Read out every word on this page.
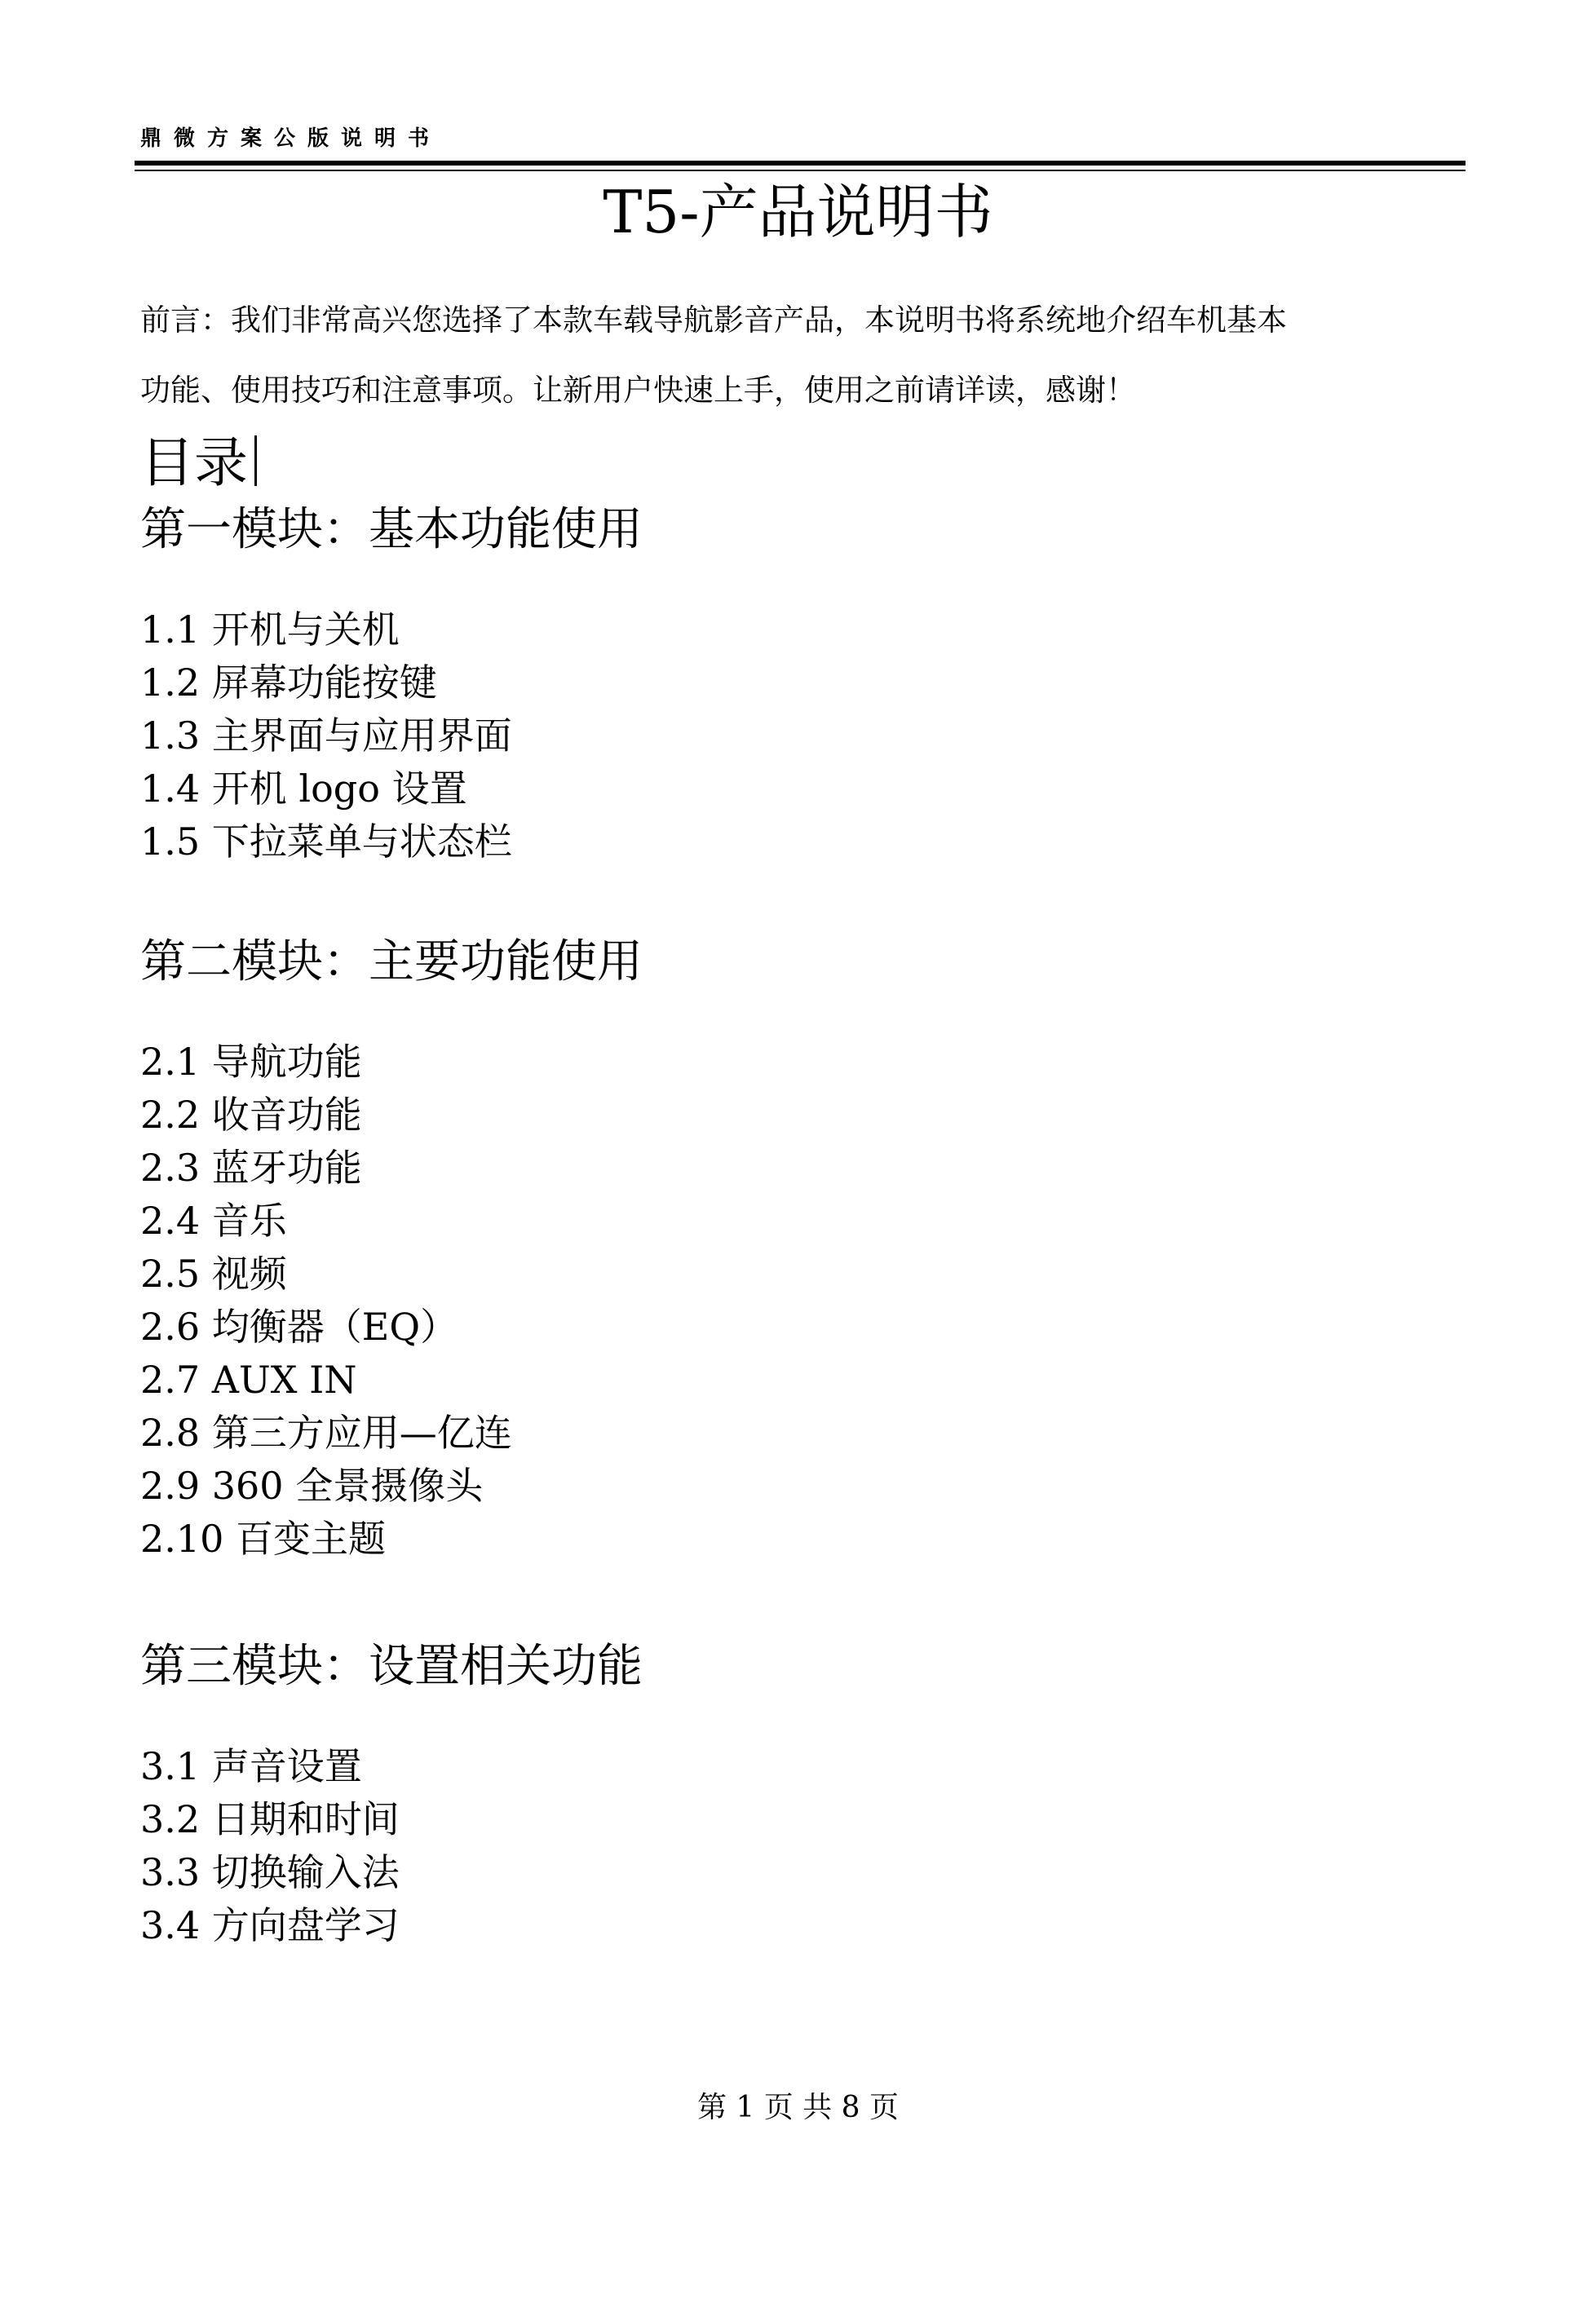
鼎微方案公版说明书
T5-产品说明书
前言：我们非常高兴您选择了本款车载导航影音产品，本说明书将系统地介绍车机基本
功能、使用技巧和注意事项。让新用户快速上手，使用之前请详读，感谢！
目录
第一模块：基本功能使用
1.1 开机与关机
1.2 屏幕功能按键
1.3 主界面与应用界面
1.4 开机 logo 设置
1.5 下拉菜单与状态栏
第二模块：主要功能使用
2.1 导航功能
2.2 收音功能
2.3 蓝牙功能
2.4 音乐
2.5 视频
2.6 均衡器（EQ）
2.7 AUX IN
2.8 第三方应用—亿连
2.9 360 全景摄像头
2.10 百变主题
第三模块：设置相关功能
3.1 声音设置
3.2 日期和时间
3.3 切换输入法
3.4 方向盘学习
第 1 页 共 8 页
